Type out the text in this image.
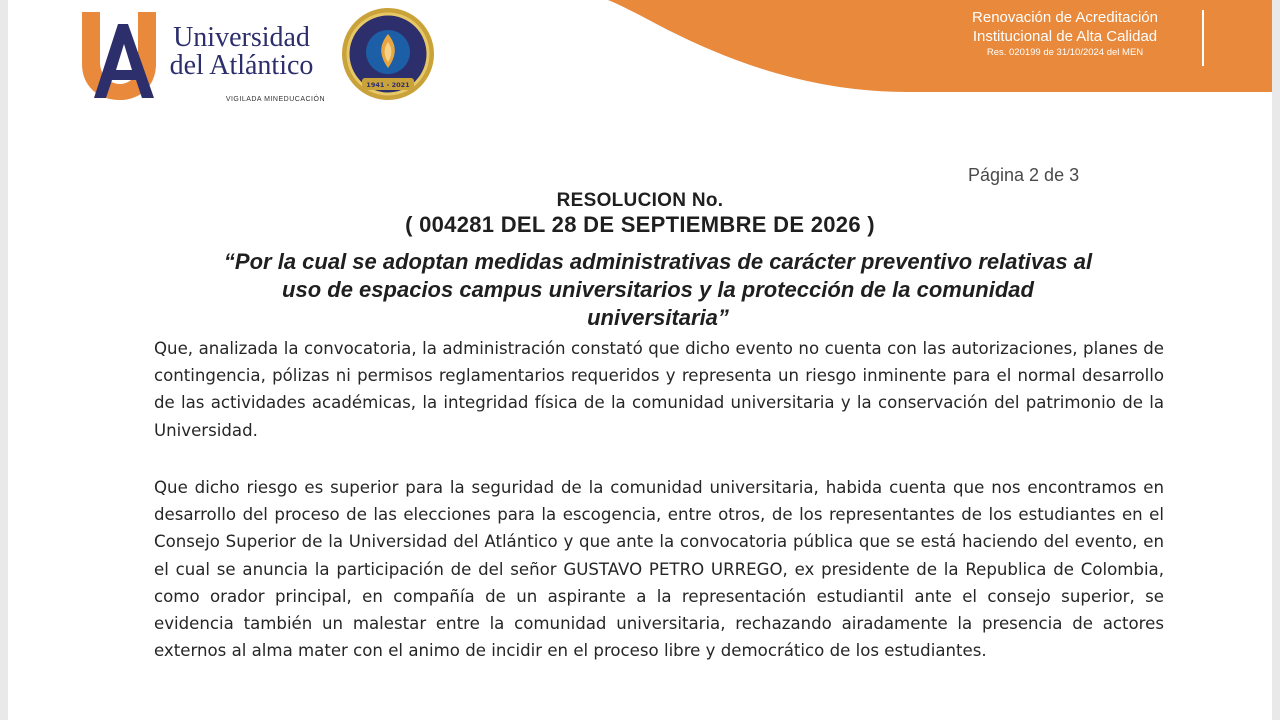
Renovación de Acreditación
Institucional de Alta Calidad
Res. 020199 de 31/10/2024 del MEN
Universidad
del Atlántico
VIGILADA MINEDUCACIÓN
1941 - 2021
Página 2 de 3
RESOLUCION No.
( 004281 DEL 28 DE SEPTIEMBRE DE 2026 )
“Por la cual se adoptan medidas administrativas de carácter preventivo relativas al
uso de espacios campus universitarios y la protección de la comunidad
universitaria”

Que, analizada la convocatoria, la administración constató que dicho evento no cuenta con las autorizaciones, planes de contingencia, pólizas ni permisos reglamentarios requeridos y representa un riesgo inminente para el normal desarrollo de las actividades académicas, la integridad física de la comunidad universitaria y la conservación del patrimonio de la Universidad.

Que dicho riesgo es superior para la seguridad de la comunidad universitaria, habida cuenta que nos encontramos en desarrollo del proceso de las elecciones para la escogencia, entre otros, de los representantes de los estudiantes en el Consejo Superior de la Universidad del Atlántico y que ante la convocatoria pública que se está haciendo del evento, en el cual se anuncia la participación de del señor GUSTAVO PETRO URREGO, ex presidente de la Republica de Colombia, como orador principal, en compañía de un aspirante a la representación estudiantil ante el consejo superior, se evidencia también un malestar entre la comunidad universitaria, rechazando airadamente la presencia de actores externos al alma mater con el animo de incidir en el proceso libre y democrático de los estudiantes.
